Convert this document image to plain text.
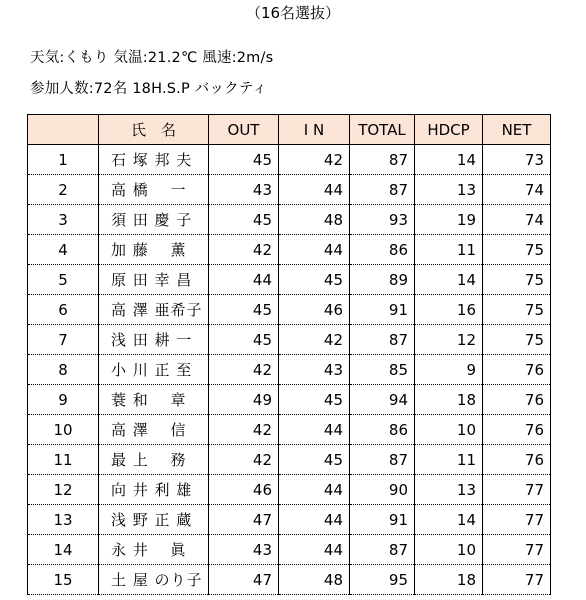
（16名選抜）
天気:くもり 気温:21.2℃ 風速:2m/s
参加人数:72名 18H.S.P バックティ
	氏　名	OUT	I N	TOTAL	HDCP	NET
1	石 塚 邦 夫	45	42	87	14	73
2	高 橋　 一	43	44	87	13	74
3	須 田 慶 子	45	48	93	19	74
4	加 藤　 薫	42	44	86	11	75
5	原 田 幸 昌	44	45	89	14	75
6	高 澤 亜希子	45	46	91	16	75
7	浅 田 耕 一	45	42	87	12	75
8	小 川 正 至	42	43	85	9	76
9	蓑 和　 章	49	45	94	18	76
10	高 澤　 信	42	44	86	10	76
11	最 上　 務	42	45	87	11	76
12	向 井 利 雄	46	44	90	13	77
13	浅 野 正 蔵	47	44	91	14	77
14	永 井　 眞	43	44	87	10	77
15	土 屋 のり子	47	48	95	18	77
